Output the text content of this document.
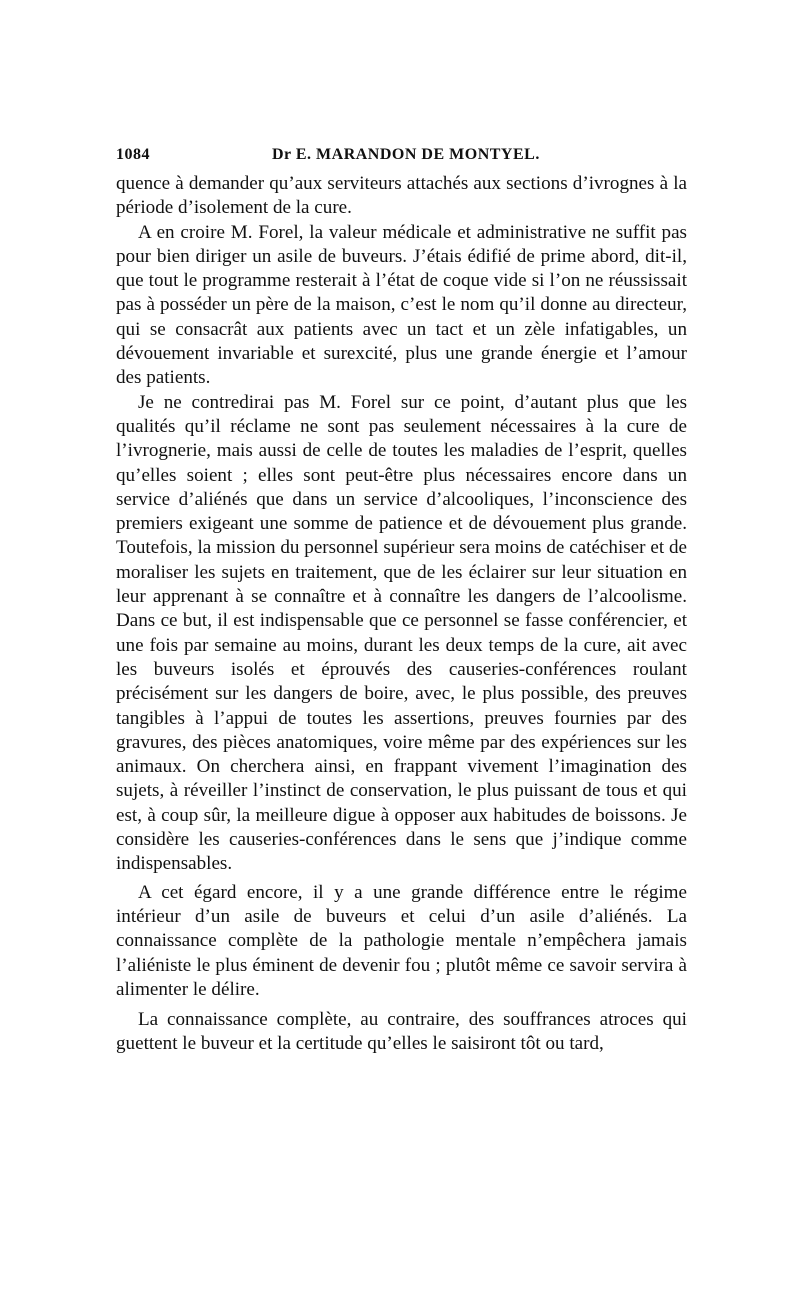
1084	Dr E. MARANDON DE MONTYEL.

quence à demander qu’aux serviteurs attachés aux sections d’ivrognes à la période d’isolement de la cure.

A en croire M. Forel, la valeur médicale et administrative ne suffit pas pour bien diriger un asile de buveurs. J’étais édifié de prime abord, dit-il, que tout le programme resterait à l’état de coque vide si l’on ne réussissait pas à posséder un père de la maison, c’est le nom qu’il donne au directeur, qui se consacrât aux patients avec un tact et un zèle infatigables, un dévouement invariable et surexcité, plus une grande énergie et l’amour des patients.

Je ne contredirai pas M. Forel sur ce point, d’autant plus que les qualités qu’il réclame ne sont pas seulement nécessaires à la cure de l’ivrognerie, mais aussi de celle de toutes les maladies de l’esprit, quelles qu’elles soient ; elles sont peut-être plus nécessaires encore dans un service d’aliénés que dans un service d’alcooliques, l’inconscience des premiers exigeant une somme de patience et de dévouement plus grande. Toutefois, la mission du personnel supérieur sera moins de catéchiser et de moraliser les sujets en traitement, que de les éclairer sur leur situation en leur apprenant à se connaître et à connaître les dangers de l’alcoolisme. Dans ce but, il est indispensable que ce personnel se fasse conférencier, et une fois par semaine au moins, durant les deux temps de la cure, ait avec les buveurs isolés et éprouvés des causeries-conférences roulant précisément sur les dangers de boire, avec, le plus possible, des preuves tangibles à l’appui de toutes les assertions, preuves fournies par des gravures, des pièces anatomiques, voire même par des expériences sur les animaux. On cherchera ainsi, en frappant vivement l’imagination des sujets, à réveiller l’instinct de conservation, le plus puissant de tous et qui est, à coup sûr, la meilleure digue à opposer aux habitudes de boissons. Je considère les causeries-conférences dans le sens que j’indique comme indispensables.

A cet égard encore, il y a une grande différence entre le régime intérieur d’un asile de buveurs et celui d’un asile d’aliénés. La connaissance complète de la pathologie mentale n’empêchera jamais l’aliéniste le plus éminent de devenir fou ; plutôt même ce savoir servira à alimenter le délire.

La connaissance complète, au contraire, des souffrances atroces qui guettent le buveur et la certitude qu’elles le saisiront tôt ou tard,
